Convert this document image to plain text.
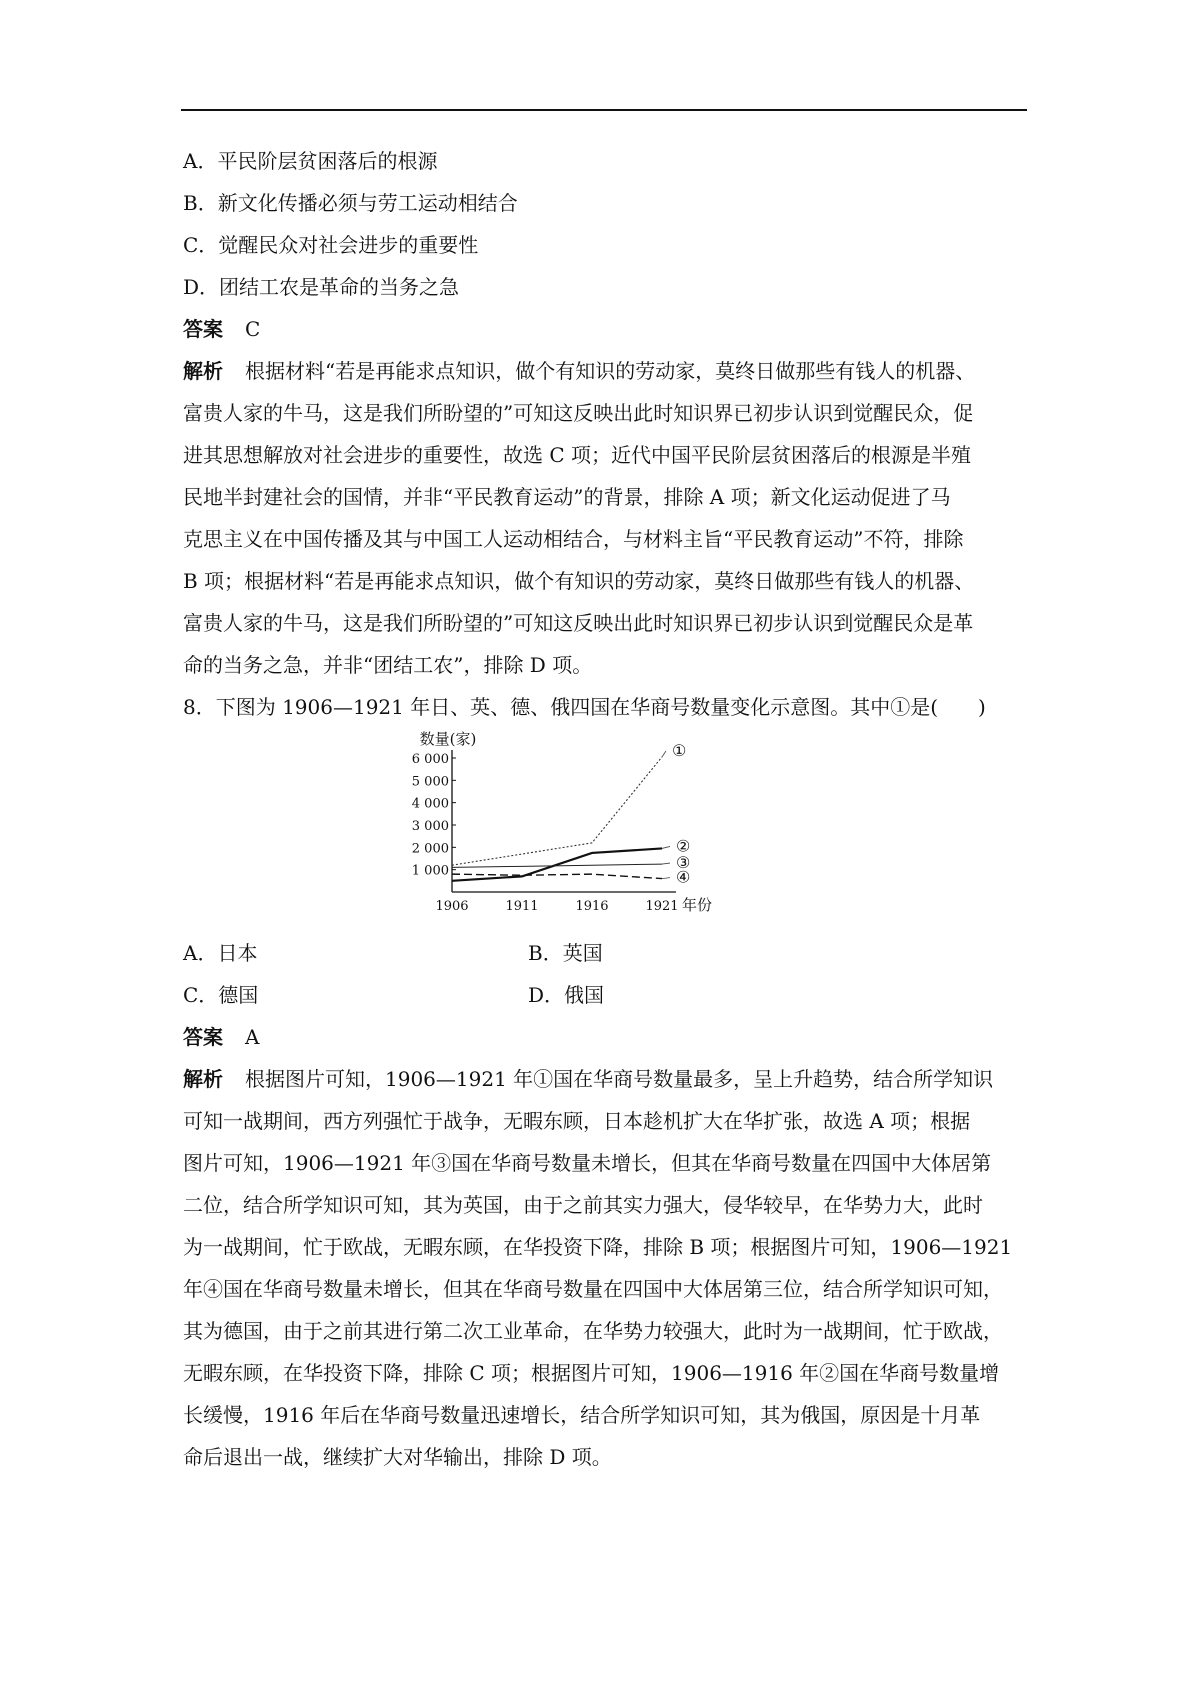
A．平民阶层贫困落后的根源
B．新文化传播必须与劳工运动相结合
C．觉醒民众对社会进步的重要性
D．团结工农是革命的当务之急
答案 C
解析 根据材料“若是再能求点知识，做个有知识的劳动家，莫终日做那些有钱人的机器、
富贵人家的牛马，这是我们所盼望的”可知这反映出此时知识界已初步认识到觉醒民众，促
进其思想解放对社会进步的重要性，故选 C 项；近代中国平民阶层贫困落后的根源是半殖
民地半封建社会的国情，并非“平民教育运动”的背景，排除 A 项；新文化运动促进了马
克思主义在中国传播及其与中国工人运动相结合，与材料主旨“平民教育运动”不符，排除
B 项；根据材料“若是再能求点知识，做个有知识的劳动家，莫终日做那些有钱人的机器、
富贵人家的牛马，这是我们所盼望的”可知这反映出此时知识界已初步认识到觉醒民众是革
命的当务之急，并非“团结工农”，排除 D 项。
8．下图为 1906—1921 年日、英、德、俄四国在华商号数量变化示意图。其中①是(　　)
数量(家)
1 000
2 000
3 000
4 000
5 000
6 000
1906	1911	1916	1921 年份
①
②
③
④
A．日本	B．英国
C．德国	D．俄国
答案 A
解析 根据图片可知，1906—1921 年①国在华商号数量最多，呈上升趋势，结合所学知识
可知一战期间，西方列强忙于战争，无暇东顾，日本趁机扩大在华扩张，故选 A 项；根据
图片可知，1906—1921 年③国在华商号数量未增长，但其在华商号数量在四国中大体居第
二位，结合所学知识可知，其为英国，由于之前其实力强大，侵华较早，在华势力大，此时
为一战期间，忙于欧战，无暇东顾，在华投资下降，排除 B 项；根据图片可知，1906—1921
年④国在华商号数量未增长，但其在华商号数量在四国中大体居第三位，结合所学知识可知，
其为德国，由于之前其进行第二次工业革命，在华势力较强大，此时为一战期间，忙于欧战，
无暇东顾，在华投资下降，排除 C 项；根据图片可知，1906—1916 年②国在华商号数量增
长缓慢，1916 年后在华商号数量迅速增长，结合所学知识可知，其为俄国，原因是十月革
命后退出一战，继续扩大对华输出，排除 D 项。
